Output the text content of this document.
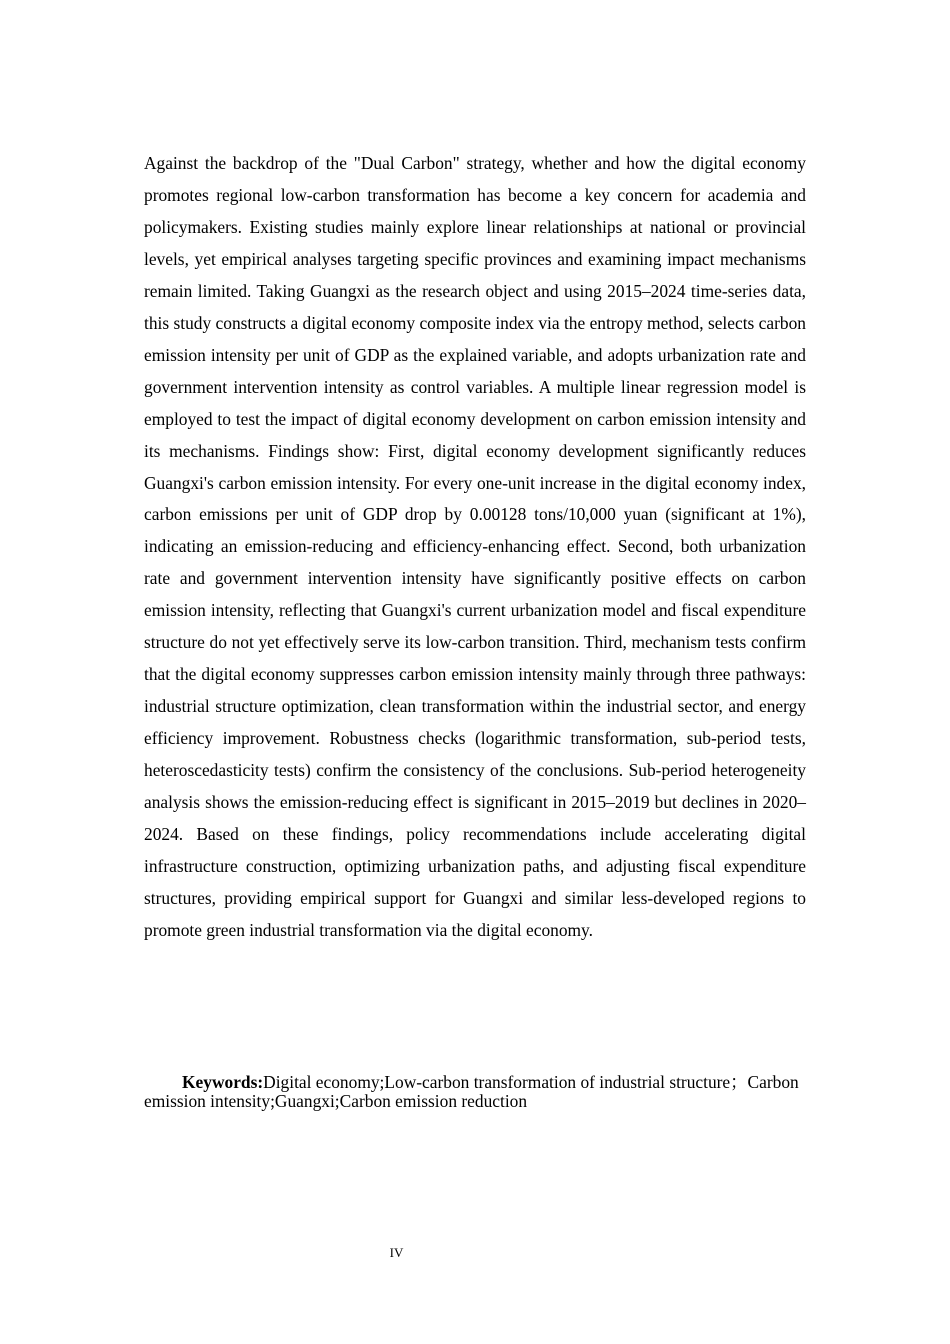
Against the backdrop of the "Dual Carbon" strategy, whether and how the digital economy promotes regional low-carbon transformation has become a key concern for academia and policymakers. Existing studies mainly explore linear relationships at national or provincial levels, yet empirical analyses targeting specific provinces and examining impact mechanisms remain limited. Taking Guangxi as the research object and using 2015–2024 time-series data, this study constructs a digital economy composite index via the entropy method, selects carbon emission intensity per unit of GDP as the explained variable, and adopts urbanization rate and government intervention intensity as control variables. A multiple linear regression model is employed to test the impact of digital economy development on carbon emission intensity and its mechanisms. Findings show: First, digital economy development significantly reduces Guangxi's carbon emission intensity. For every one-unit increase in the digital economy index, carbon emissions per unit of GDP drop by 0.00128 tons/10,000 yuan (significant at 1%), indicating an emission-reducing and efficiency-enhancing effect. Second, both urbanization rate and government intervention intensity have significantly positive effects on carbon emission intensity, reflecting that Guangxi's current urbanization model and fiscal expenditure structure do not yet effectively serve its low-carbon transition. Third, mechanism tests confirm that the digital economy suppresses carbon emission intensity mainly through three pathways: industrial structure optimization, clean transformation within the industrial sector, and energy efficiency improvement. Robustness checks (logarithmic transformation, sub-period tests, heteroscedasticity tests) confirm the consistency of the conclusions. Sub-period heterogeneity analysis shows the emission-reducing effect is significant in 2015–2019 but declines in 2020–2024. Based on these findings, policy recommendations include accelerating digital infrastructure construction, optimizing urbanization paths, and adjusting fiscal expenditure structures, providing empirical support for Guangxi and similar less-developed regions to promote green industrial transformation via the digital economy.

Keywords:Digital economy;Low-carbon transformation of industrial structure；Carbon emission intensity;Guangxi;Carbon emission reduction

IV
